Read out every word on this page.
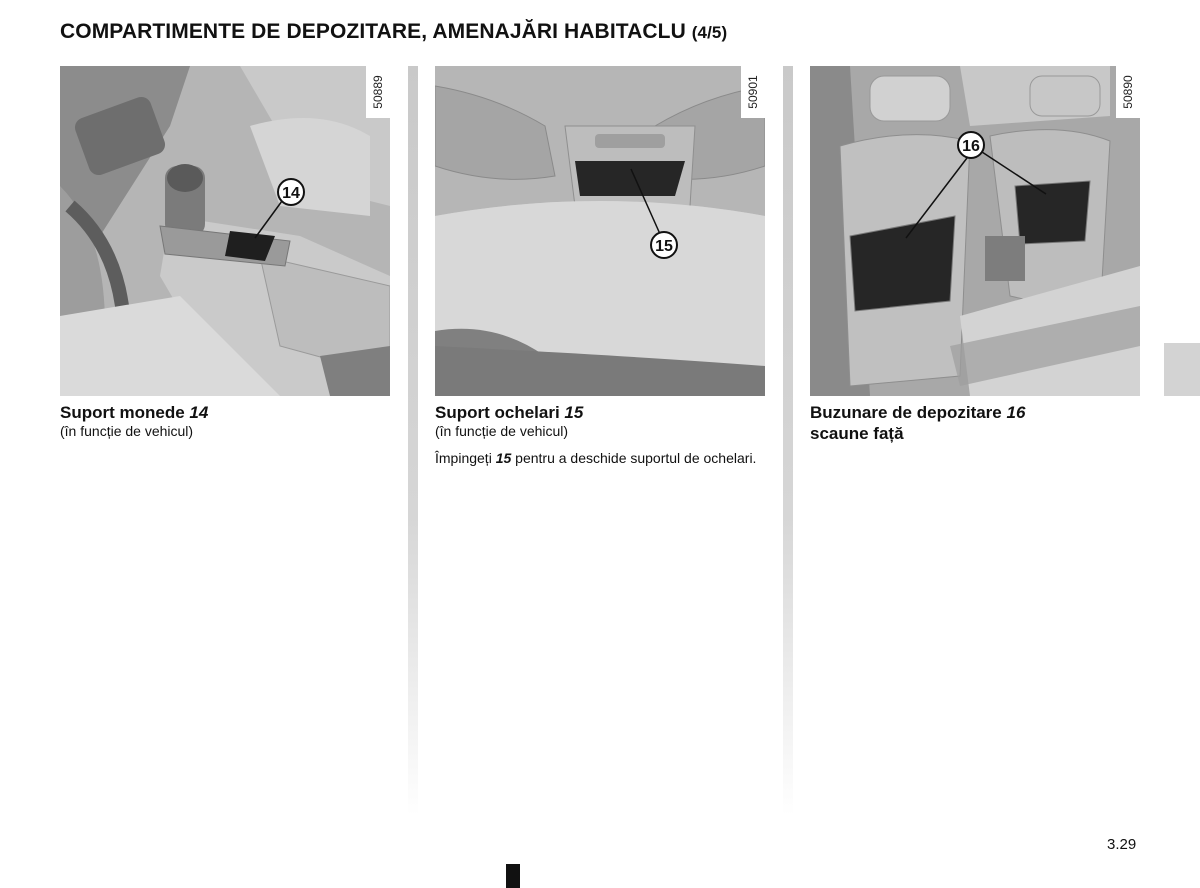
COMPARTIMENTE DE DEPOZITARE, AMENAJĂRI HABITACLU (4/5)
14
50889
15
50901
16
50890
Suport monede 14
(în funcție de vehicul)
Suport ochelari 15
(în funcție de vehicul)
Împingeți 15 pentru a deschide suportul de ochelari.
Buzunare de depozitare 16
scaune față
3.29
